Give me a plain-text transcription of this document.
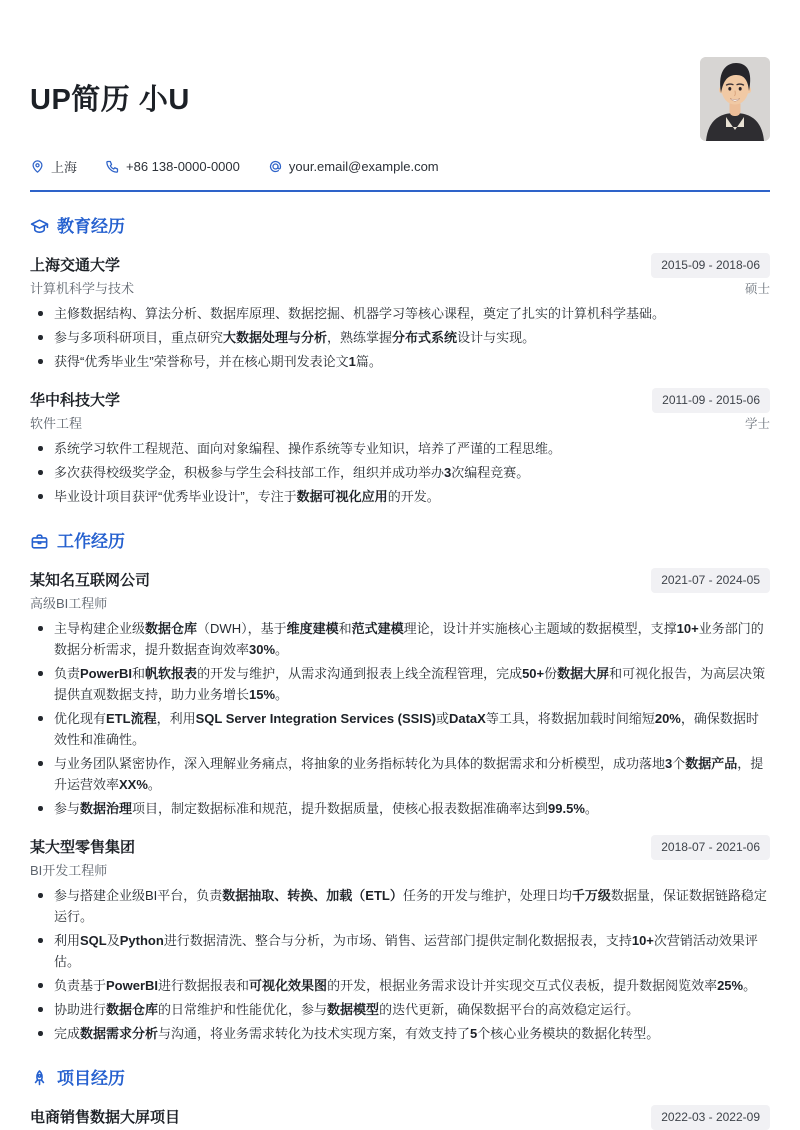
UP简历 小U
上海	+86 138-0000-0000	your.email@example.com
教育经历
上海交通大学	2015-09 - 2018-06
计算机科学与技术	硕士
主修数据结构、算法分析、数据库原理、数据挖掘、机器学习等核心课程，奠定了扎实的计算机科学基础。
参与多项科研项目，重点研究大数据处理与分析，熟练掌握分布式系统设计与实现。
获得“优秀毕业生”荣誉称号，并在核心期刊发表论文1篇。
华中科技大学	2011-09 - 2015-06
软件工程	学士
系统学习软件工程规范、面向对象编程、操作系统等专业知识，培养了严谨的工程思维。
多次获得校级奖学金，积极参与学生会科技部工作，组织并成功举办3次编程竞赛。
毕业设计项目获评“优秀毕业设计”，专注于数据可视化应用的开发。
工作经历
某知名互联网公司	2021-07 - 2024-05
高级BI工程师
主导构建企业级数据仓库（DWH），基于维度建模和范式建模理论，设计并实施核心主题域的数据模型，支撑10+业务部门的数据分析需求，提升数据查询效率30%。
负责PowerBI和帆软报表的开发与维护，从需求沟通到报表上线全流程管理，完成50+份数据大屏和可视化报告，为高层决策提供直观数据支持，助力业务增长15%。
优化现有ETL流程，利用SQL Server Integration Services (SSIS)或DataX等工具，将数据加载时间缩短20%，确保数据时效性和准确性。
与业务团队紧密协作，深入理解业务痛点，将抽象的业务指标转化为具体的数据需求和分析模型，成功落地3个数据产品，提升运营效率XX%。
参与数据治理项目，制定数据标准和规范，提升数据质量，使核心报表数据准确率达到99.5%。
某大型零售集团	2018-07 - 2021-06
BI开发工程师
参与搭建企业级BI平台，负责数据抽取、转换、加载（ETL）任务的开发与维护，处理日均千万级数据量，保证数据链路稳定运行。
利用SQL及Python进行数据清洗、整合与分析，为市场、销售、运营部门提供定制化数据报表，支持10+次营销活动效果评估。
负责基于PowerBI进行数据报表和可视化效果图的开发，根据业务需求设计并实现交互式仪表板，提升数据阅览效率25%。
协助进行数据仓库的日常维护和性能优化，参与数据模型的迭代更新，确保数据平台的高效稳定运行。
完成数据需求分析与沟通，将业务需求转化为技术实现方案，有效支持了5个核心业务模块的数据化转型。
项目经历
电商销售数据大屏项目	2022-03 - 2022-09
